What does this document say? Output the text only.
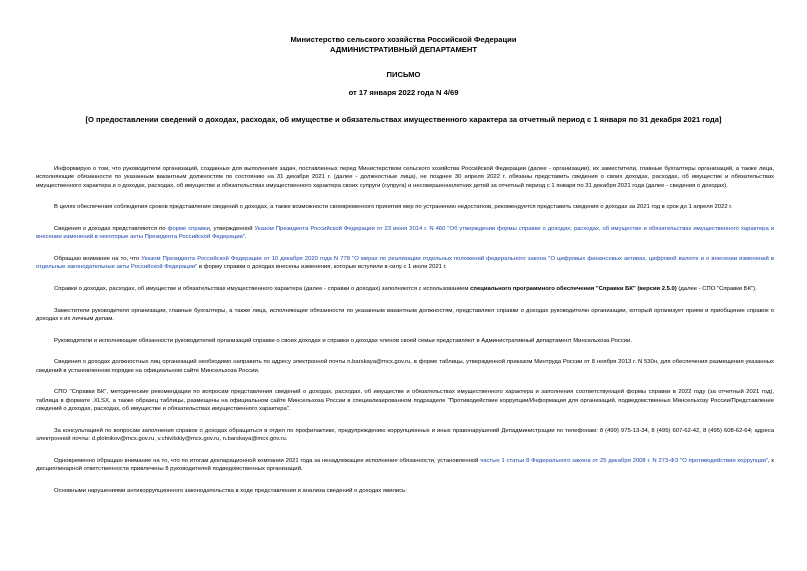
Министерство сельского хозяйства Российской Федерации
АДМИНИСТРАТИВНЫЙ ДЕПАРТАМЕНТ
ПИСЬМО
от 17 января 2022 года N 4/69
[О предоставлении сведений о доходах, расходах, об имуществе и обязательствах имущественного характера за отчетный период с 1 января по 31 декабря 2021 года]

Информирую о том, что руководители организаций, созданных для выполнения задач, поставленных перед Министерством сельского хозяйства Российской Федерации (далее - организации), их заместители, главные бухгалтеры организаций, а также лица, исполняющие обязанности по указанным вакантным должностям по состоянию на 31 декабря 2021 г. (далее - должностные лица), не позднее 30 апреля 2022 г. обязаны представить сведения о своих доходах, расходах, об имуществе и обязательствах имущественного характера и о доходах, расходах, об имуществе и обязательствах имущественного характера своих супруги (супруга) и несовершеннолетних детей за отчетный период с 1 января по 31 декабря 2021 года (далее - сведения о доходах).

В целях обеспечения соблюдения сроков представления сведений о доходах, а также возможности своевременного принятия мер по устранению недостатков, рекомендуется представить сведения о доходах за 2021 год в срок до 1 апреля 2022 г.

Сведения о доходах представляются по форме справки, утвержденной Указом Президента Российской Федерации от 23 июня 2014 г. N 460 "Об утверждении формы справки о доходах, расходах, об имуществе и обязательствах имущественного характера и внесении изменений в некоторые акты Президента Российской Федерации".

Обращаю внимание на то, что Указом Президента Российской Федерации от 10 декабря 2020 года N 778 "О мерах по реализации отдельных положений федерального закона "О цифровых финансовых активах, цифровой валюте и о внесении изменений в отдельные законодательные акты Российской Федерации" в форму справки о доходах внесены изменения, которые вступили в силу с 1 июля 2021 г.

Справки о доходах, расходах, об имуществе и обязательствах имущественного характера (далее - справки о доходах) заполняются с использованием специального программного обеспечения "Справки БК" (версия 2.5.0) (далее - СПО "Справки БК").

Заместители руководителя организации, главные бухгалтеры, а также лица, исполняющие обязанности по указанным вакантным должностям, представляют справки о доходах руководителю организации, который организует прием и приобщение справок о доходах к их личным делам.

Руководители и исполняющие обязанности руководителей организаций справки о своих доходах и справки о доходах членов своей семьи представляют в Административный департамент Минсельхоза России.

Сведения о доходах должностных лиц организаций необходимо направить по адресу электронной почты n.barskaya@mcx.gov.ru, в форме таблицы, утвержденной приказом Минтруда России от 8 ноября 2013 г. N 530н, для обеспечения размещения указанных сведений в установленном порядке на официальном сайте Минсельхоза России.

СПО "Справки БК", методические рекомендации по вопросам представления сведений о доходах, расходах, об имуществе и обязательствах имущественного характера и заполнения соответствующей формы справки в 2022 году (за отчетный 2021 год), таблица в формате .XLSX, а также образец таблицы, размещены на официальном сайте Минсельхоза России в специализированном подразделе "Противодействие коррупции/Информация для организаций, подведомственных Минсельхозу России/Представление сведений о доходах, расходах, об имуществе и обязательствах имущественного характера".

За консультацией по вопросам заполнения справок о доходах обращаться в отдел по профилактике, предупреждению коррупционных и иных правонарушений Депадминистрации по телефонам: 8 (499) 975-13-34, 8 (495) 607-62-42, 8 (495) 608-62-64; адреса электронной почты: d.plotnikov@mcx.gov.ru, v.chivilskiy@mcx.gov.ru, n.barskaya@mcx.gov.ru.

Одновременно обращаю внимание на то, что по итогам декларационной компании 2021 года за ненадлежащее исполнение обязанности, установленной частью 1 статьи 8 Федерального закона от 25 декабря 2008 г. N 273-ФЗ "О противодействии коррупции", к дисциплинарной ответственности привлечены 8 руководителей подведомственных организаций.

Основными нарушениями антикоррупционного законодательства в ходе представления и анализа сведений о доходах явились:
